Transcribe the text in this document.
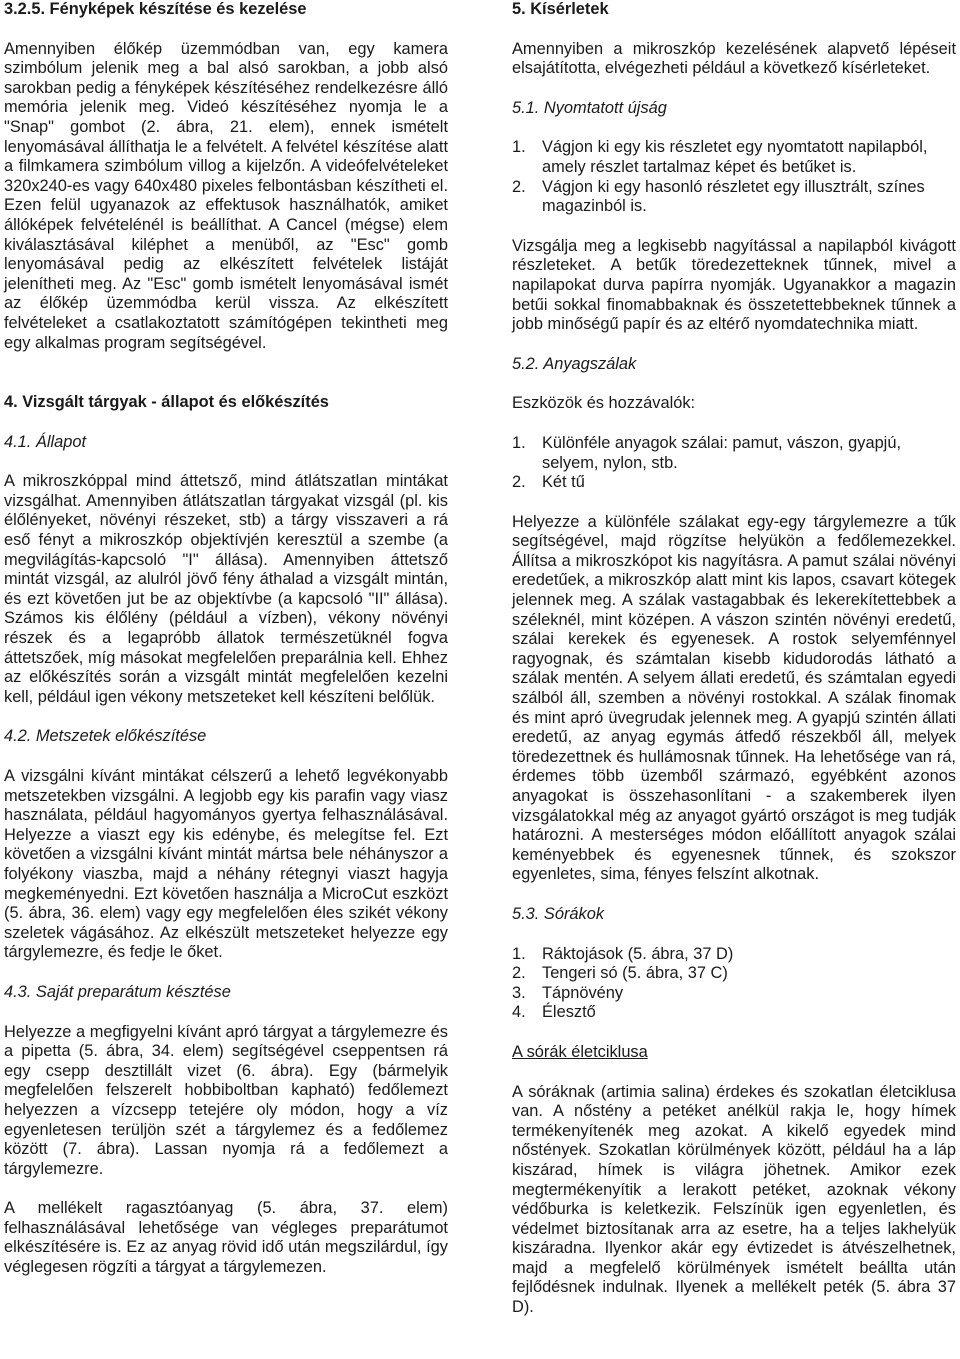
3.2.5. Fényképek készítése és kezelése

Amennyiben élőkép üzemmódban van, egy kamera szimbólum jelenik meg a bal alsó sarokban, a jobb alsó sarokban pedig a fényképek készítéséhez rendelkezésre álló memória jelenik meg. Videó készítéséhez nyomja le a "Snap" gombot (2. ábra, 21. elem), ennek ismételt lenyomásával állíthatja le a felvételt. A felvétel készítése alatt a filmkamera szimbólum villog a kijelzőn. A videófelvételeket 320x240-es vagy 640x480 pixeles felbontásban készítheti el. Ezen felül ugyanazok az effektusok használhatók, amiket állóképek felvételénél is beállíthat. A Cancel (mégse) elem kiválasztásával kiléphet a menüből, az "Esc" gomb lenyomásával pedig az elkészített felvételek listáját jelenítheti meg. Az "Esc" gomb ismételt lenyomásával ismét az élőkép üzemmódba kerül vissza. Az elkészített felvételeket a csatlakoztatott számítógépen tekintheti meg egy alkalmas program segítségével.

4. Vizsgált tárgyak - állapot és előkészítés
4.1. Állapot

A mikroszkóppal mind áttetsző, mind átlátszatlan mintákat vizsgálhat. Amennyiben átlátszatlan tárgyakat vizsgál (pl. kis élőlényeket, növényi részeket, stb) a tárgy visszaveri a rá eső fényt a mikroszkóp objektívjén keresztül a szembe (a megvilágítás-kapcsoló "I" állása). Amennyiben áttetsző mintát vizsgál, az alulról jövő fény áthalad a vizsgált mintán, és ezt követően jut be az objektívbe (a kapcsoló "II" állása). Számos kis élőlény (például a vízben), vékony növényi részek és a legapróbb állatok természetüknél fogva áttetszőek, míg másokat megfelelően preparálnia kell. Ehhez az előkészítés során a vizsgált mintát megfelelően kezelni kell, például igen vékony metszeteket kell készíteni belőlük.

4.2. Metszetek előkészítése

A vizsgálni kívánt mintákat célszerű a lehető legvékonyabb metszetekben vizsgálni. A legjobb egy kis parafin vagy viasz használata, például hagyományos gyertya felhasználásával. Helyezze a viaszt egy kis edénybe, és melegítse fel. Ezt követően a vizsgálni kívánt mintát mártsa bele néhányszor a folyékony viaszba, majd a néhány rétegnyi viaszt hagyja megkeményedni. Ezt követően használja a MicroCut eszközt (5. ábra, 36. elem) vagy egy megfelelően éles szikét vékony szeletek vágásához. Az elkészült metszeteket helyezze egy tárgylemezre, és fedje le őket.

4.3. Saját preparátum késztése

Helyezze a megfigyelni kívánt apró tárgyat a tárgylemezre és a pipetta (5. ábra, 34. elem) segítségével cseppentsen rá egy csepp desztillált vizet (6. ábra). Egy (bármelyik megfelelően felszerelt hobbiboltban kapható) fedőlemezt helyezzen a vízcsepp tetejére oly módon, hogy a víz egyenletesen terüljön szét a tárgylemez és a fedőlemez között (7. ábra). Lassan nyomja rá a fedőlemezt a tárgylemezre.

A mellékelt ragasztóanyag (5. ábra, 37. elem) felhasználásával lehetősége van végleges preparátumot elkészítésére is. Ez az anyag rövid idő után megszilárdul, így véglegesen rögzíti a tárgyat a tárgylemezen.

5. Kísérletek

Amennyiben a mikroszkóp kezelésének alapvető lépéseit elsajátította, elvégezheti például a következő kísérleteket.

5.1. Nyomtatott újság
1. Vágjon ki egy kis részletet egy nyomtatott napilapból, amely részlet tartalmaz képet és betűket is.
2. Vágjon ki egy hasonló részletet egy illusztrált, színes magazinból is.

Vizsgálja meg a legkisebb nagyítással a napilapból kivágott részleteket. A betűk töredezetteknek tűnnek, mivel a napilapokat durva papírra nyomják. Ugyanakkor a magazin betűi sokkal finomabbaknak és összetettebbeknek tűnnek a jobb minőségű papír és az eltérő nyomdatechnika miatt.

5.2. Anyagszálak

Eszközök és hozzávalók:

1. Különféle anyagok szálai: pamut, vászon, gyapjú, selyem, nylon, stb.
2. Két tű

Helyezze a különféle szálakat egy-egy tárgylemezre a tűk segítségével, majd rögzítse helyükön a fedőlemezekkel. Állítsa a mikroszkópot kis nagyításra. A pamut szálai növényi eredetűek, a mikroszkóp alatt mint kis lapos, csavart kötegek jelennek meg. A szálak vastagabbak és lekerekítettebbek a széleknél, mint középen. A vászon szintén növényi eredetű, szálai kerekek és egyenesek. A rostok selyemfénnyel ragyognak, és számtalan kisebb kidudorodás látható a szálak mentén. A selyem állati eredetű, és számtalan egyedi szálból áll, szemben a növényi rostokkal. A szálak finomak és mint apró üvegrudak jelennek meg. A gyapjú szintén állati eredetű, az anyag egymás átfedő részekből áll, melyek töredezettnek és hullámosnak tűnnek. Ha lehetősége van rá, érdemes több üzemből származó, egyébként azonos anyagokat is összehasonlítani - a szakemberek ilyen vizsgálatokkal még az anyagot gyártó országot is meg tudják határozni. A mesterséges módon előállított anyagok szálai keményebbek és egyenesnek tűnnek, és szokszor egyenletes, sima, fényes felszínt alkotnak.

5.3. Sórákok
1. Ráktojások (5. ábra, 37 D)
2. Tengeri só (5. ábra, 37 C)
3. Tápnövény
4. Élesztő
A sórák életciklusa

A sóráknak (artimia salina) érdekes és szokatlan életciklusa van. A nőstény a petéket anélkül rakja le, hogy hímek termékenyítenék meg azokat. A kikelő egyedek mind nőstények. Szokatlan körülmények között, például ha a láp kiszárad, hímek is világra jöhetnek. Amikor ezek megtermékenyítik a lerakott petéket, azoknak vékony védőburka is keletkezik. Felszínük igen egyenletlen, és védelmet biztosítanak arra az esetre, ha a teljes lakhelyük kiszáradna. Ilyenkor akár egy évtizedet is átvészelhetnek, majd a megfelelő körülmények ismételt beállta után fejlődésnek indulnak. Ilyenek a mellékelt peték (5. ábra 37 D).
